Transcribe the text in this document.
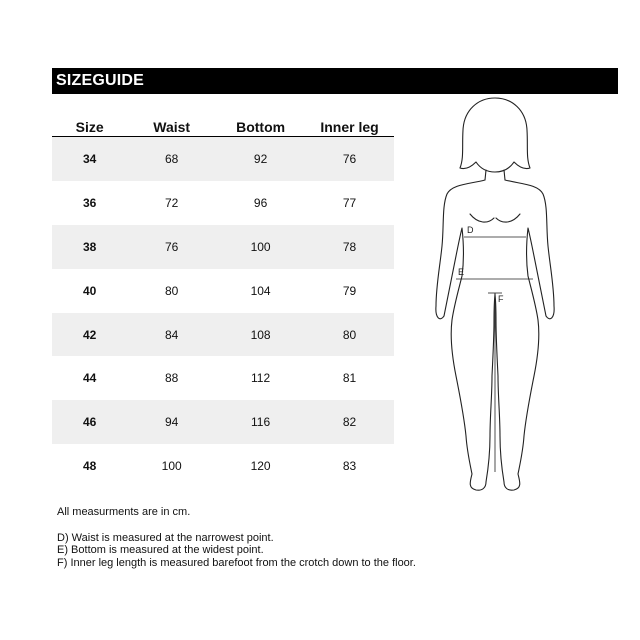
SIZEGUIDE
Size	Waist	Bottom	Inner leg
34	68	92	76
36	72	96	77
38	76	100	78
40	80	104	79
42	84	108	80
44	88	112	81
46	94	116	82
48	100	120	83
All measurments are in cm.
D) Waist is measured at the narrowest point.
E) Bottom is measured at the widest point.
F) Inner leg length is measured barefoot from the crotch down to the floor.
D
E
F
